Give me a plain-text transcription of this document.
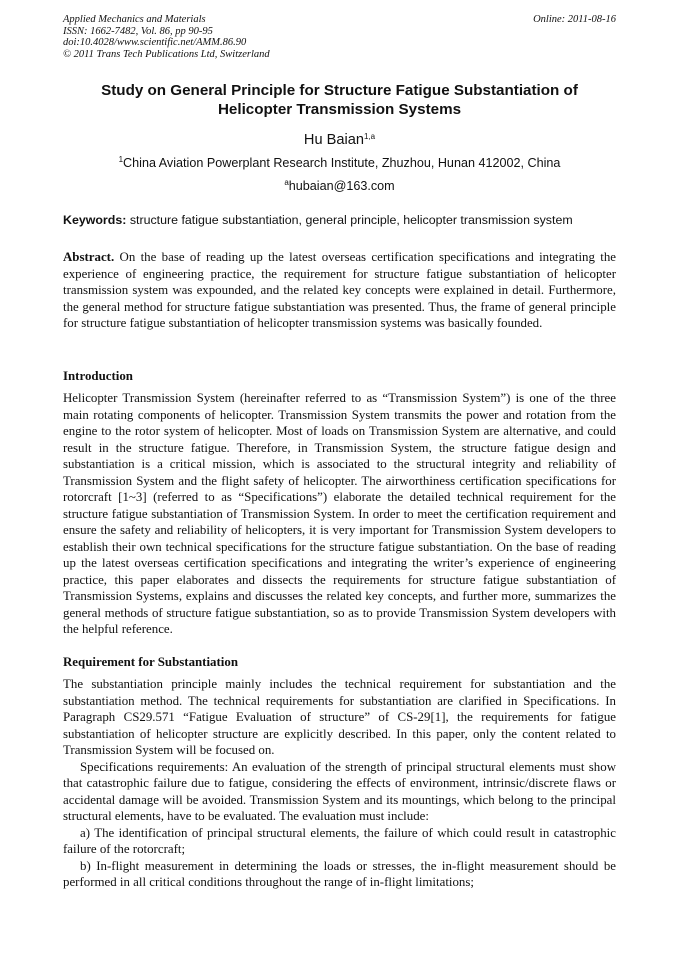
Applied Mechanics and Materials
ISSN: 1662-7482, Vol. 86, pp 90-95
doi:10.4028/www.scientific.net/AMM.86.90
© 2011 Trans Tech Publications Ltd, Switzerland
Online: 2011-08-16
Study on General Principle for Structure Fatigue Substantiation of Helicopter Transmission Systems
Hu Baian$^{1,a}$
$^1$China Aviation Powerplant Research Institute, Zhuzhou, Hunan 412002, China
$^a$hubaian@163.com
Keywords: structure fatigue substantiation, general principle, helicopter transmission system

Abstract. On the base of reading up the latest overseas certification specifications and integrating the experience of engineering practice, the requirement for structure fatigue substantiation of helicopter transmission system was expounded, and the related key concepts were explained in detail. Furthermore, the general method for structure fatigue substantiation was presented. Thus, the frame of general principle for structure fatigue substantiation of helicopter transmission systems was basically founded.

Introduction

Helicopter Transmission System (hereinafter referred to as “Transmission System”) is one of the three main rotating components of helicopter. Transmission System transmits the power and rotation from the engine to the rotor system of helicopter. Most of loads on Transmission System are alternative, and could result in the structure fatigue. Therefore, in Transmission System, the structure fatigue design and substantiation is a critical mission, which is associated to the structural integrity and reliability of Transmission System and the flight safety of helicopter. The airworthiness certification specifications for rotorcraft [1~3] (referred to as “Specifications”) elaborate the detailed technical requirement for the structure fatigue substantiation of Transmission System. In order to meet the certification requirement and ensure the safety and reliability of helicopters, it is very important for Transmission System developers to establish their own technical specifications for the structure fatigue substantiation. On the base of reading up the latest overseas certification specifications and integrating the writer’s experience of engineering practice, this paper elaborates and dissects the requirements for structure fatigue substantiation of Transmission Systems, explains and discusses the related key concepts, and further more, summarizes the general methods of structure fatigue substantiation, so as to provide Transmission System developers with the helpful reference.

Requirement for Substantiation

The substantiation principle mainly includes the technical requirement for substantiation and the substantiation method. The technical requirements for substantiation are clarified in Specifications. In Paragraph CS29.571 “Fatigue Evaluation of structure” of CS-29[1], the requirements for fatigue substantiation of helicopter structure are explicitly described. In this paper, only the content related to Transmission System will be focused on.

Specifications requirements: An evaluation of the strength of principal structural elements must show that catastrophic failure due to fatigue, considering the effects of environment, intrinsic/discrete flaws or accidental damage will be avoided. Transmission System and its mountings, which belong to the principal structural elements, have to be evaluated. The evaluation must include:

a) The identification of principal structural elements, the failure of which could result in catastrophic failure of the rotorcraft;

b) In-flight measurement in determining the loads or stresses, the in-flight measurement should be performed in all critical conditions throughout the range of in-flight limitations;
